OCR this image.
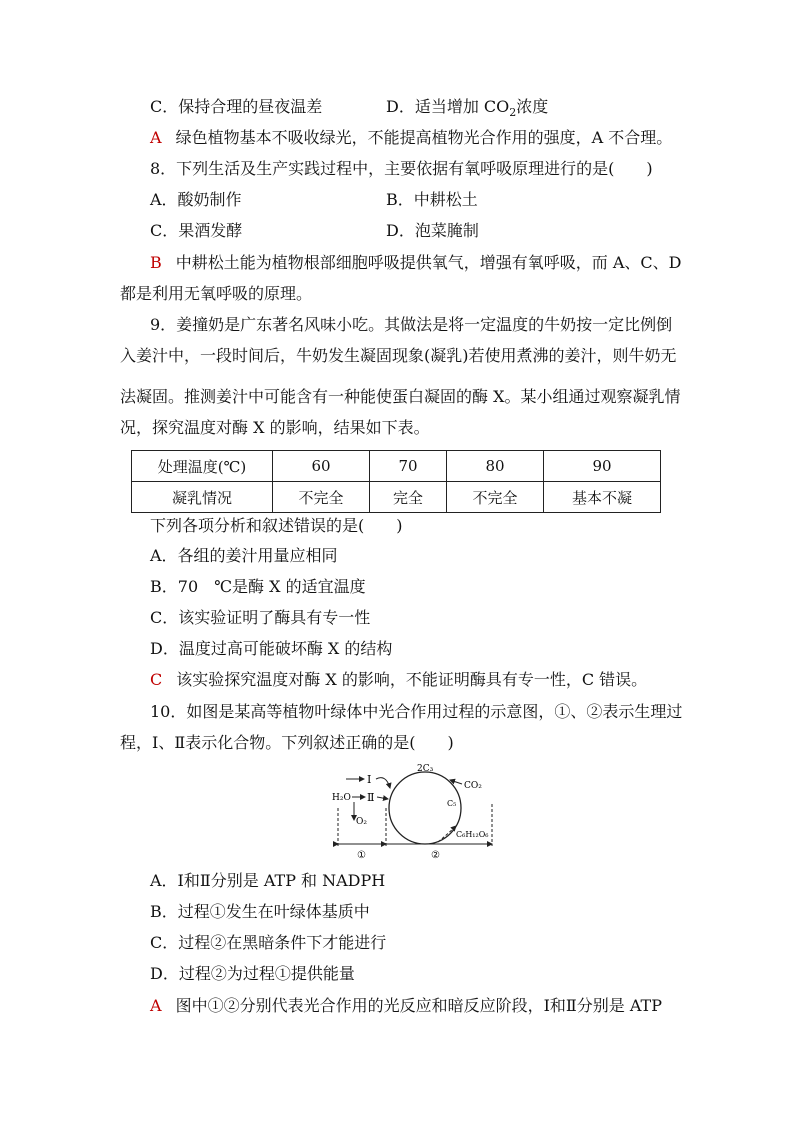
C．保持合理的昼夜温差	D．适当增加 $CO_2$浓度
A 绿色植物基本不吸收绿光，不能提高植物光合作用的强度，A 不合理。
8．下列生活及生产实践过程中，主要依据有氧呼吸原理进行的是(　　)
A．酸奶制作	B．中耕松土
C．果酒发酵	D．泡菜腌制
B 中耕松土能为植物根部细胞呼吸提供氧气，增强有氧呼吸，而 A、C、D
都是利用无氧呼吸的原理。
9．姜撞奶是广东著名风味小吃。其做法是将一定温度的牛奶按一定比例倒
入姜汁中，一段时间后，牛奶发生凝固现象(凝乳)若使用煮沸的姜汁，则牛奶无
法凝固。推测姜汁中可能含有一种能使蛋白凝固的酶 X。某小组通过观察凝乳情
况，探究温度对酶 X 的影响，结果如下表。
处理温度(℃)	60	70	80	90
凝乳情况	不完全	完全	不完全	基本不凝
下列各项分析和叙述错误的是(　　)
A．各组的姜汁用量应相同
B．70　℃是酶 X 的适宜温度
C．该实验证明了酶具有专一性
D．温度过高可能破坏酶 X 的结构
C 该实验探究温度对酶 X 的影响，不能证明酶具有专一性，C 错误。
10．如图是某高等植物叶绿体中光合作用过程的示意图，①、②表示生理过
程，Ⅰ、Ⅱ表示化合物。下列叙述正确的是(　　)
Ⅰ
H₂O Ⅱ
O₂
2C₃
CO₂
C₅
C₆H₁₂O₆
①	②
A．Ⅰ和Ⅱ分别是 ATP 和 NADPH
B．过程①发生在叶绿体基质中
C．过程②在黑暗条件下才能进行
D．过程②为过程①提供能量
A 图中①②分别代表光合作用的光反应和暗反应阶段，Ⅰ和Ⅱ分别是 ATP
